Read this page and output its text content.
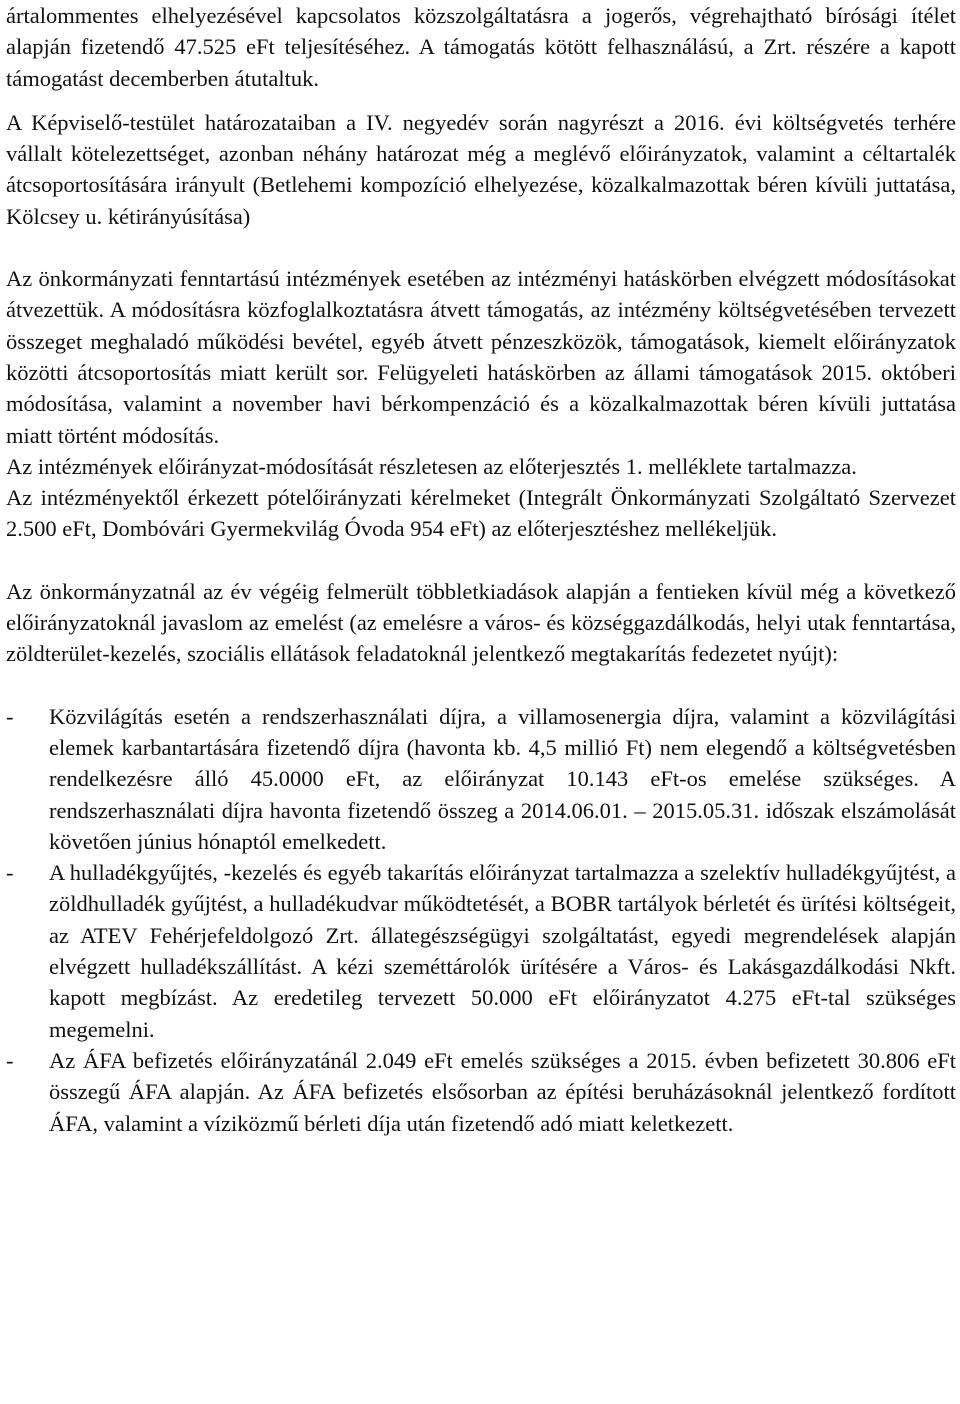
ártalommentes elhelyezésével kapcsolatos közszolgáltatásra a jogerős, végrehajtható bírósági ítélet alapján fizetendő 47.525 eFt teljesítéséhez. A támogatás kötött felhasználású, a Zrt. részére a kapott támogatást decemberben átutaltuk.

A Képviselő-testület határozataiban a IV. negyedév során nagyrészt a 2016. évi költségvetés terhére vállalt kötelezettséget, azonban néhány határozat még a meglévő előirányzatok, valamint a céltartalék átcsoportosítására irányult (Betlehemi kompozíció elhelyezése, közalkalmazottak béren kívüli juttatása, Kölcsey u. kétirányúsítása)

Az önkormányzati fenntartású intézmények esetében az intézményi hatáskörben elvégzett módosításokat átvezettük. A módosításra közfoglalkoztatásra átvett támogatás, az intézmény költségvetésében tervezett összeget meghaladó működési bevétel, egyéb átvett pénzeszközök, támogatások, kiemelt előirányzatok közötti átcsoportosítás miatt került sor. Felügyeleti hatáskörben az állami támogatások 2015. októberi módosítása, valamint a november havi bérkompenzáció és a közalkalmazottak béren kívüli juttatása miatt történt módosítás.

Az intézmények előirányzat-módosítását részletesen az előterjesztés 1. melléklete tartalmazza.

Az intézményektől érkezett pótelőirányzati kérelmeket (Integrált Önkormányzati Szolgáltató Szervezet 2.500 eFt, Dombóvári Gyermekvilág Óvoda 954 eFt) az előterjesztéshez mellékeljük.

Az önkormányzatnál az év végéig felmerült többletkiadások alapján a fentieken kívül még a következő előirányzatoknál javaslom az emelést (az emelésre a város- és községgazdálkodás, helyi utak fenntartása, zöldterület-kezelés, szociális ellátások feladatoknál jelentkező megtakarítás fedezetet nyújt):

- Közvilágítás esetén a rendszerhasználati díjra, a villamosenergia díjra, valamint a közvilágítási elemek karbantartására fizetendő díjra (havonta kb. 4,5 millió Ft) nem elegendő a költségvetésben rendelkezésre álló 45.0000 eFt, az előirányzat 10.143 eFt-os emelése szükséges. A rendszerhasználati díjra havonta fizetendő összeg a 2014.06.01. – 2015.05.31. időszak elszámolását követően június hónaptól emelkedett.
- A hulladékgyűjtés, -kezelés és egyéb takarítás előirányzat tartalmazza a szelektív hulladékgyűjtést, a zöldhulladék gyűjtést, a hulladékudvar működtetését, a BOBR tartályok bérletét és ürítési költségeit, az ATEV Fehérjefeldolgozó Zrt. állategészségügyi szolgáltatást, egyedi megrendelések alapján elvégzett hulladékszállítást. A kézi szeméttárolók ürítésére a Város- és Lakásgazdálkodási Nkft. kapott megbízást. Az eredetileg tervezett 50.000 eFt előirányzatot 4.275 eFt-tal szükséges megemelni.
- Az ÁFA befizetés előirányzatánál 2.049 eFt emelés szükséges a 2015. évben befizetett 30.806 eFt összegű ÁFA alapján. Az ÁFA befizetés elsősorban az építési beruházásoknál jelentkező fordított ÁFA, valamint a víziközmű bérleti díja után fizetendő adó miatt keletkezett.
